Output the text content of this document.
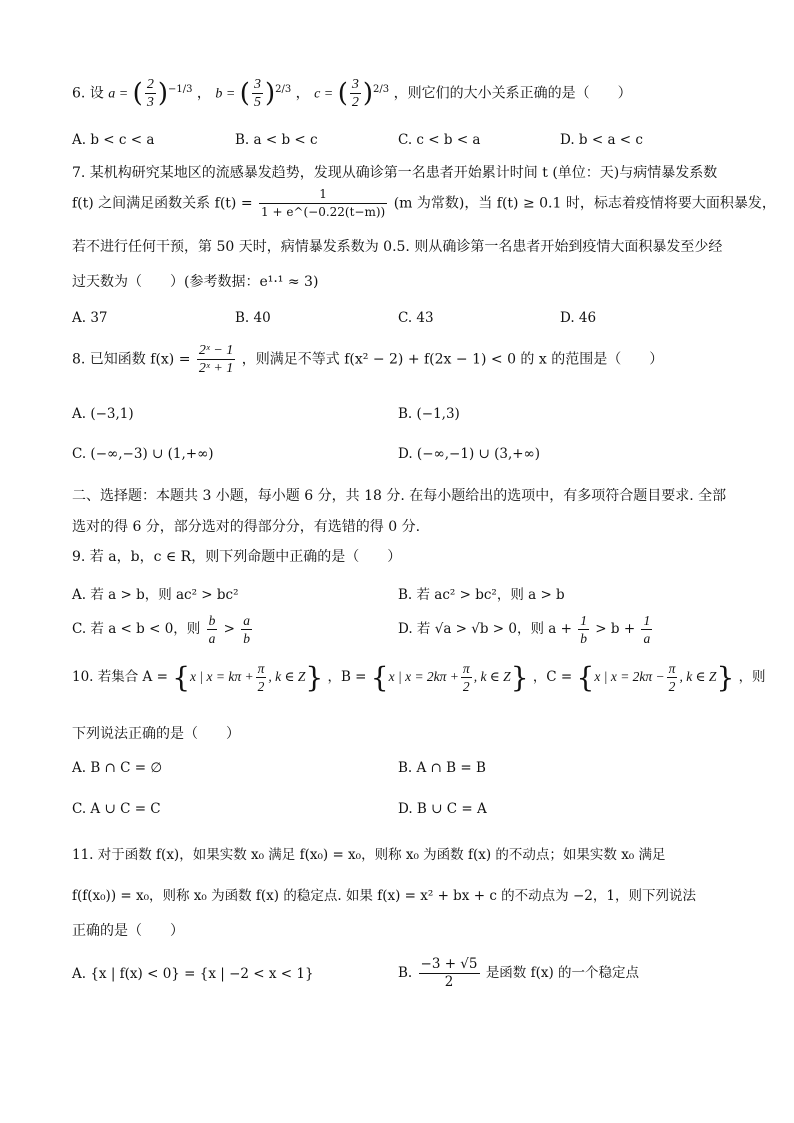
6. 设 a = ( $\frac{2}{3} )^{-1/3}$ ， b = ( $\frac{3}{5} )^{2/3}$ ， c = ( $\frac{3}{2} )^{2/3}$ ，则它们的大小关系正确的是（　　）
A. b < c < a	B. a < b < c	C. c < b < a	D. b < a < c
7. 某机构研究某地区的流感暴发趋势，发现从确诊第一名患者开始累计时间 t (单位：天)与病情暴发系数
f(t) 之间满足函数关系 $f(t) = \frac{1}{1 + e\^{}(-0.22(t-m))} (m$ 为常数)，当 f(t) ≥ 0.1 时，标志着疫情将要大面积暴发，
若不进行任何干预，第 50 天时，病情暴发系数为 0.5. 则从确诊第一名患者开始到疫情大面积暴发至少经
过天数为（　　）(参考数据：e¹·¹ ≈ 3)
A. 37	B. 40	C. 43	D. 46
8. 已知函数 $f(x) = \frac{\text{2ˣ − 1}}{\text{2ˣ + 1}}$ ，则满足不等式 f(x² − 2) + f(2x − 1) < 0 的 x 的范围是（　　）
A. (−3,1)	B. (−1,3)
C. (−∞,−3) ∪ (1,+∞)	D. (−∞,−1) ∪ (3,+∞)
二、选择题：本题共 3 小题，每小题 6 分，共 18 分. 在每小题给出的选项中，有多项符合题目要求. 全部
选对的得 6 分，部分选对的得部分分，有选错的得 0 分.
9. 若 a，b，c ∈ R，则下列命题中正确的是（　　）
A. 若 a > b，则 ac² > bc²	B. 若 ac² > bc²，则 a > b
C. 若 a < b < 0，则 $\frac{b}{a} > \frac{a}{b}$	D. 若 √a > √b > 0，则 $a + \frac{1}{b} > b + \frac{1}{a}$
10. 若集合 A = {x | $x = k\pi + \frac{\pi}{2}$ , k ∈ Z} ，B = {x | $x = 2k\pi + \frac{\pi}{2}$ , k ∈ Z} ，C = {x | $x = 2k\pi - \frac{\pi}{2}$ , k ∈ Z} ，则
下列说法正确的是（　　）
A. B ∩ C = ∅	B. A ∩ B = B
C. A ∪ C = C	D. B ∪ C = A
11. 对于函数 f(x)，如果实数 x₀ 满足 f(x₀) = x₀，则称 x₀ 为函数 f(x) 的不动点；如果实数 x₀ 满足
f(f(x₀)) = x₀，则称 x₀ 为函数 f(x) 的稳定点. 如果 f(x) = x² + bx + c 的不动点为 −2，1，则下列说法
正确的是（　　）
A. {x | f(x) < 0} = {x | −2 < x < 1}	B. $\frac{-3 + √5}{2}$ 是函数 f(x) 的一个稳定点
